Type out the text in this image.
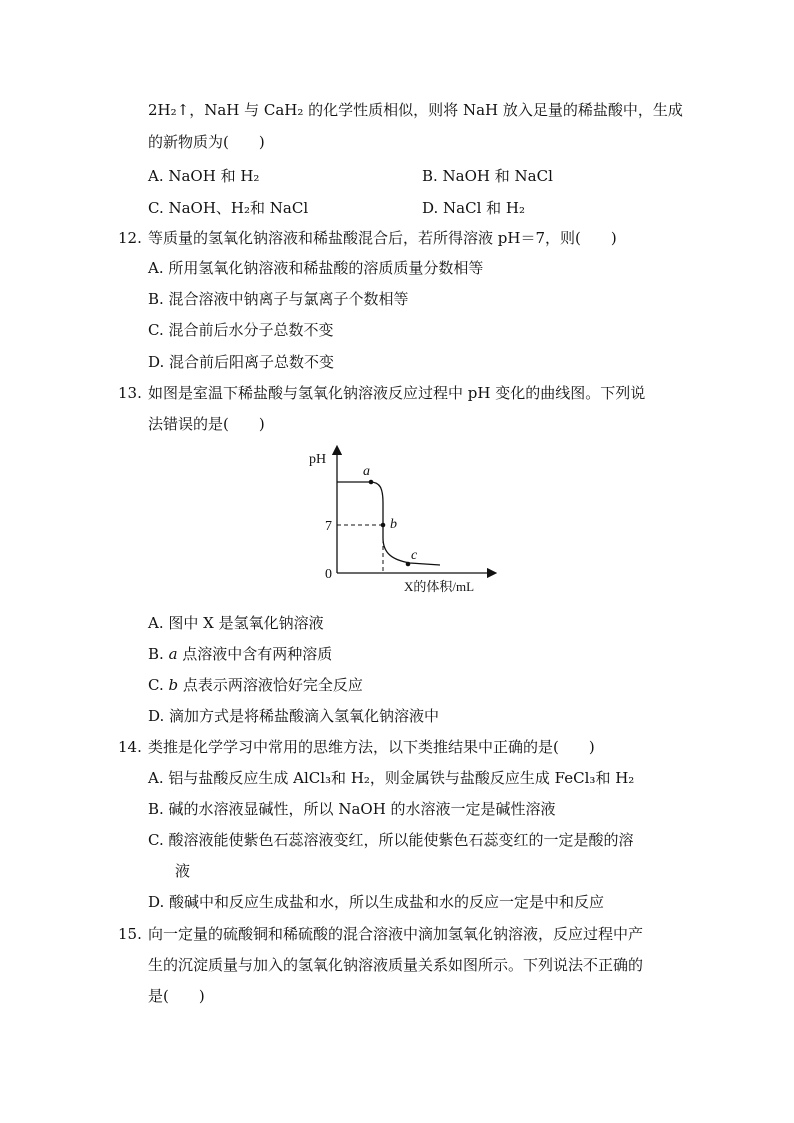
2H₂↑，NaH 与 CaH₂ 的化学性质相似，则将 NaH 放入足量的稀盐酸中，生成
的新物质为(　　)
A. NaOH 和 H₂	B. NaOH 和 NaCl
C. NaOH、H₂和 NaCl	D. NaCl 和 H₂
12. 等质量的氢氧化钠溶液和稀盐酸混合后，若所得溶液 pH＝7，则(　　)
A. 所用氢氧化钠溶液和稀盐酸的溶质质量分数相等
B. 混合溶液中钠离子与氯离子个数相等
C. 混合前后水分子总数不变
D. 混合前后阳离子总数不变
13. 如图是室温下稀盐酸与氢氧化钠溶液反应过程中 pH 变化的曲线图。下列说
法错误的是(　　)
pH
7
0
a
b
c
X的体积/mL
A. 图中 X 是氢氧化钠溶液
B. a 点溶液中含有两种溶质
C. b 点表示两溶液恰好完全反应
D. 滴加方式是将稀盐酸滴入氢氧化钠溶液中
14. 类推是化学学习中常用的思维方法，以下类推结果中正确的是(　　)
A. 铝与盐酸反应生成 AlCl₃和 H₂，则金属铁与盐酸反应生成 FeCl₃和 H₂
B. 碱的水溶液显碱性，所以 NaOH 的水溶液一定是碱性溶液
C. 酸溶液能使紫色石蕊溶液变红，所以能使紫色石蕊变红的一定是酸的溶
液
D. 酸碱中和反应生成盐和水，所以生成盐和水的反应一定是中和反应
15. 向一定量的硫酸铜和稀硫酸的混合溶液中滴加氢氧化钠溶液，反应过程中产
生的沉淀质量与加入的氢氧化钠溶液质量关系如图所示。下列说法不正确的
是(　　)
